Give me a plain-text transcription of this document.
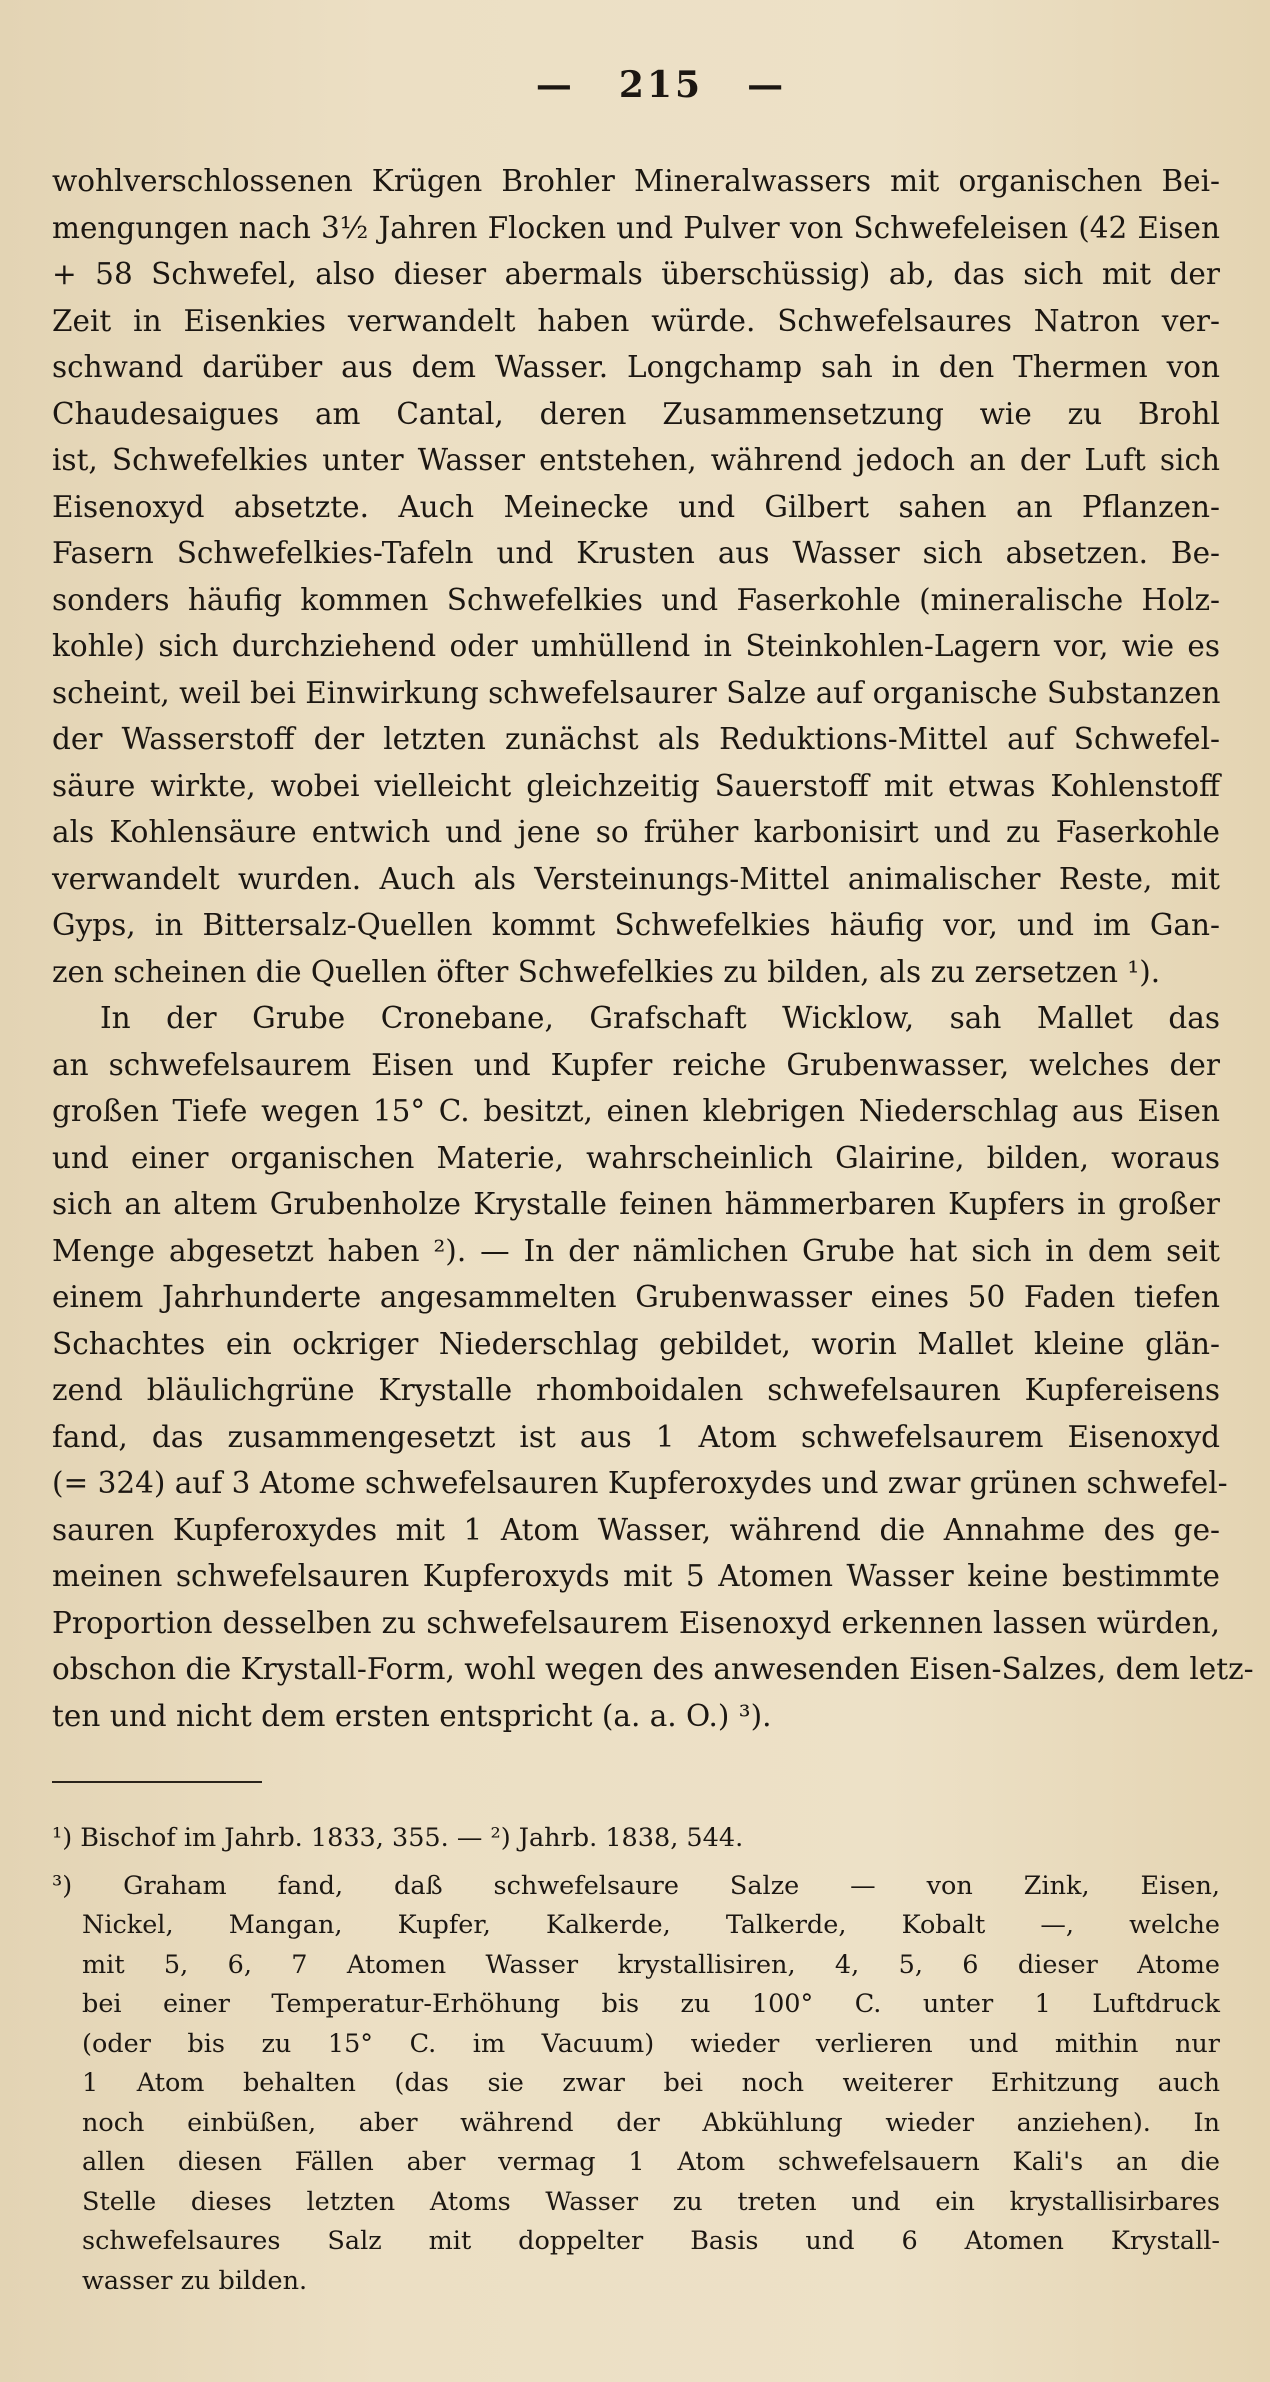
— 215 —
wohlverschlossenen Krügen Brohler Mineralwassers mit organischen Bei-
mengungen nach 3½ Jahren Flocken und Pulver von Schwefeleisen (42 Eisen
+ 58 Schwefel, also dieser abermals überschüssig) ab, das sich mit der
Zeit in Eisenkies verwandelt haben würde. Schwefelsaures Natron ver-
schwand darüber aus dem Wasser. Longchamp sah in den Thermen von
Chaudesaigues am Cantal, deren Zusammensetzung wie zu Brohl
ist, Schwefelkies unter Wasser entstehen, während jedoch an der Luft sich
Eisenoxyd absetzte. Auch Meinecke und Gilbert sahen an Pflanzen-
Fasern Schwefelkies-Tafeln und Krusten aus Wasser sich absetzen. Be-
sonders häufig kommen Schwefelkies und Faserkohle (mineralische Holz-
kohle) sich durchziehend oder umhüllend in Steinkohlen-Lagern vor, wie es
scheint, weil bei Einwirkung schwefelsaurer Salze auf organische Substanzen
der Wasserstoff der letzten zunächst als Reduktions-Mittel auf Schwefel-
säure wirkte, wobei vielleicht gleichzeitig Sauerstoff mit etwas Kohlenstoff
als Kohlensäure entwich und jene so früher karbonisirt und zu Faserkohle
verwandelt wurden. Auch als Versteinungs-Mittel animalischer Reste, mit
Gyps, in Bittersalz-Quellen kommt Schwefelkies häufig vor, und im Gan-
zen scheinen die Quellen öfter Schwefelkies zu bilden, als zu zersetzen ¹).
In der Grube Cronebane, Grafschaft Wicklow, sah Mallet das
an schwefelsaurem Eisen und Kupfer reiche Grubenwasser, welches der
großen Tiefe wegen 15° C. besitzt, einen klebrigen Niederschlag aus Eisen
und einer organischen Materie, wahrscheinlich Glairine, bilden, woraus
sich an altem Grubenholze Krystalle feinen hämmerbaren Kupfers in großer
Menge abgesetzt haben ²). — In der nämlichen Grube hat sich in dem seit
einem Jahrhunderte angesammelten Grubenwasser eines 50 Faden tiefen
Schachtes ein ockriger Niederschlag gebildet, worin Mallet kleine glän-
zend bläulichgrüne Krystalle rhomboidalen schwefelsauren Kupfereisens
fand, das zusammengesetzt ist aus 1 Atom schwefelsaurem Eisenoxyd
(= 324) auf 3 Atome schwefelsauren Kupferoxydes und zwar grünen schwefel-
sauren Kupferoxydes mit 1 Atom Wasser, während die Annahme des ge-
meinen schwefelsauren Kupferoxyds mit 5 Atomen Wasser keine bestimmte
Proportion desselben zu schwefelsaurem Eisenoxyd erkennen lassen würden,
obschon die Krystall-Form, wohl wegen des anwesenden Eisen-Salzes, dem letz-
ten und nicht dem ersten entspricht (a. a. O.) ³).
¹) Bischof im Jahrb. 1833, 355. — ²) Jahrb. 1838, 544.
³) Graham fand, daß schwefelsaure Salze — von Zink, Eisen,
Nickel, Mangan, Kupfer, Kalkerde, Talkerde, Kobalt —, welche
mit 5, 6, 7 Atomen Wasser krystallisiren, 4, 5, 6 dieser Atome
bei einer Temperatur-Erhöhung bis zu 100° C. unter 1 Luftdruck
(oder bis zu 15° C. im Vacuum) wieder verlieren und mithin nur
1 Atom behalten (das sie zwar bei noch weiterer Erhitzung auch
noch einbüßen, aber während der Abkühlung wieder anziehen). In
allen diesen Fällen aber vermag 1 Atom schwefelsauern Kali's an die
Stelle dieses letzten Atoms Wasser zu treten und ein krystallisirbares
schwefelsaures Salz mit doppelter Basis und 6 Atomen Krystall-
wasser zu bilden.
